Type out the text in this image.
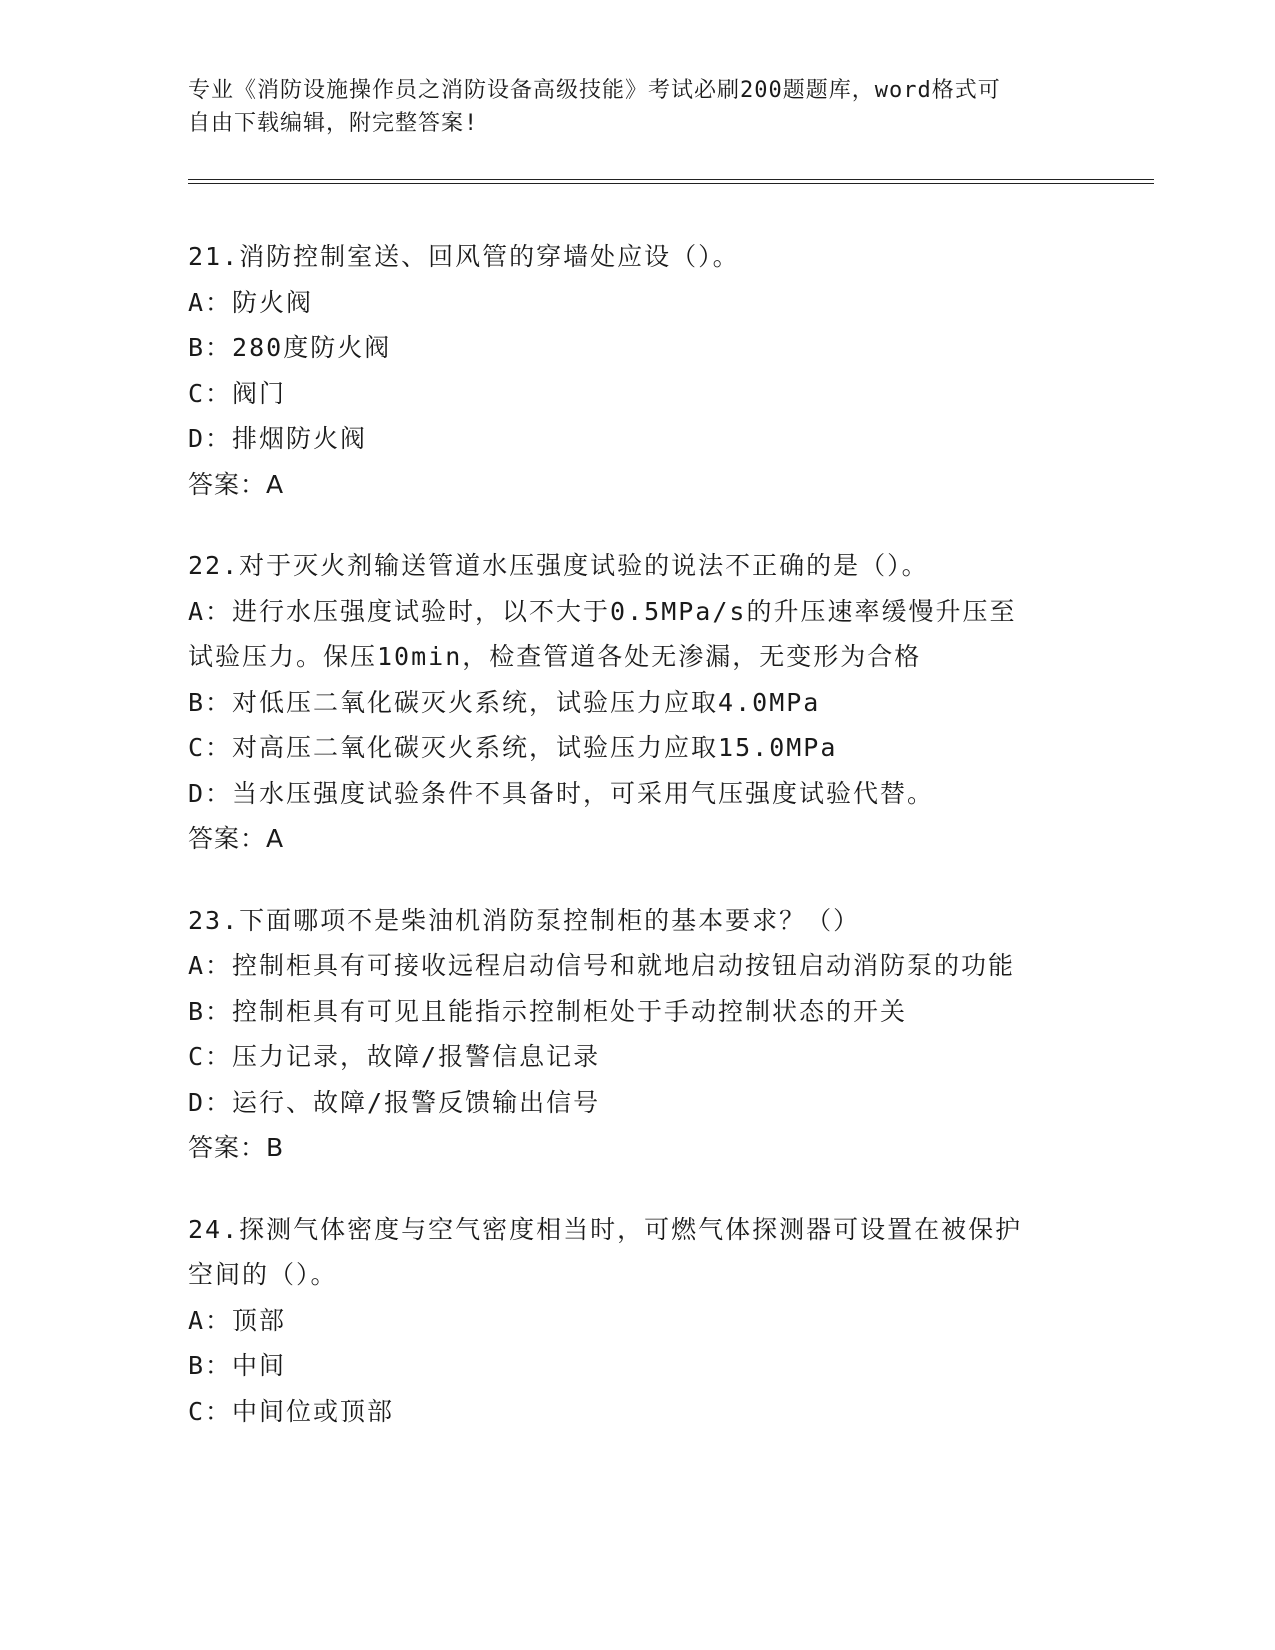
专业《消防设施操作员之消防设备高级技能》考试必刷200题题库，word格式可
自由下载编辑，附完整答案!
21.消防控制室送、回风管的穿墙处应设（）。
A：防火阀
B：280度防火阀
C：阀门
D：排烟防火阀
答案：A
22.对于灭火剂输送管道水压强度试验的说法不正确的是（）。
A：进行水压强度试验时，以不大于0.5MPa/s的升压速率缓慢升压至
试验压力。保压10min，检查管道各处无渗漏，无变形为合格
B：对低压二氧化碳灭火系统，试验压力应取4.0MPa
C：对高压二氧化碳灭火系统，试验压力应取15.0MPa
D：当水压强度试验条件不具备时，可采用气压强度试验代替。
答案：A
23.下面哪项不是柴油机消防泵控制柜的基本要求？（）
A：控制柜具有可接收远程启动信号和就地启动按钮启动消防泵的功能
B：控制柜具有可见且能指示控制柜处于手动控制状态的开关
C：压力记录，故障/报警信息记录
D：运行、故障/报警反馈输出信号
答案：B
24.探测气体密度与空气密度相当时，可燃气体探测器可设置在被保护
空间的（）。
A：顶部
B：中间
C：中间位或顶部
